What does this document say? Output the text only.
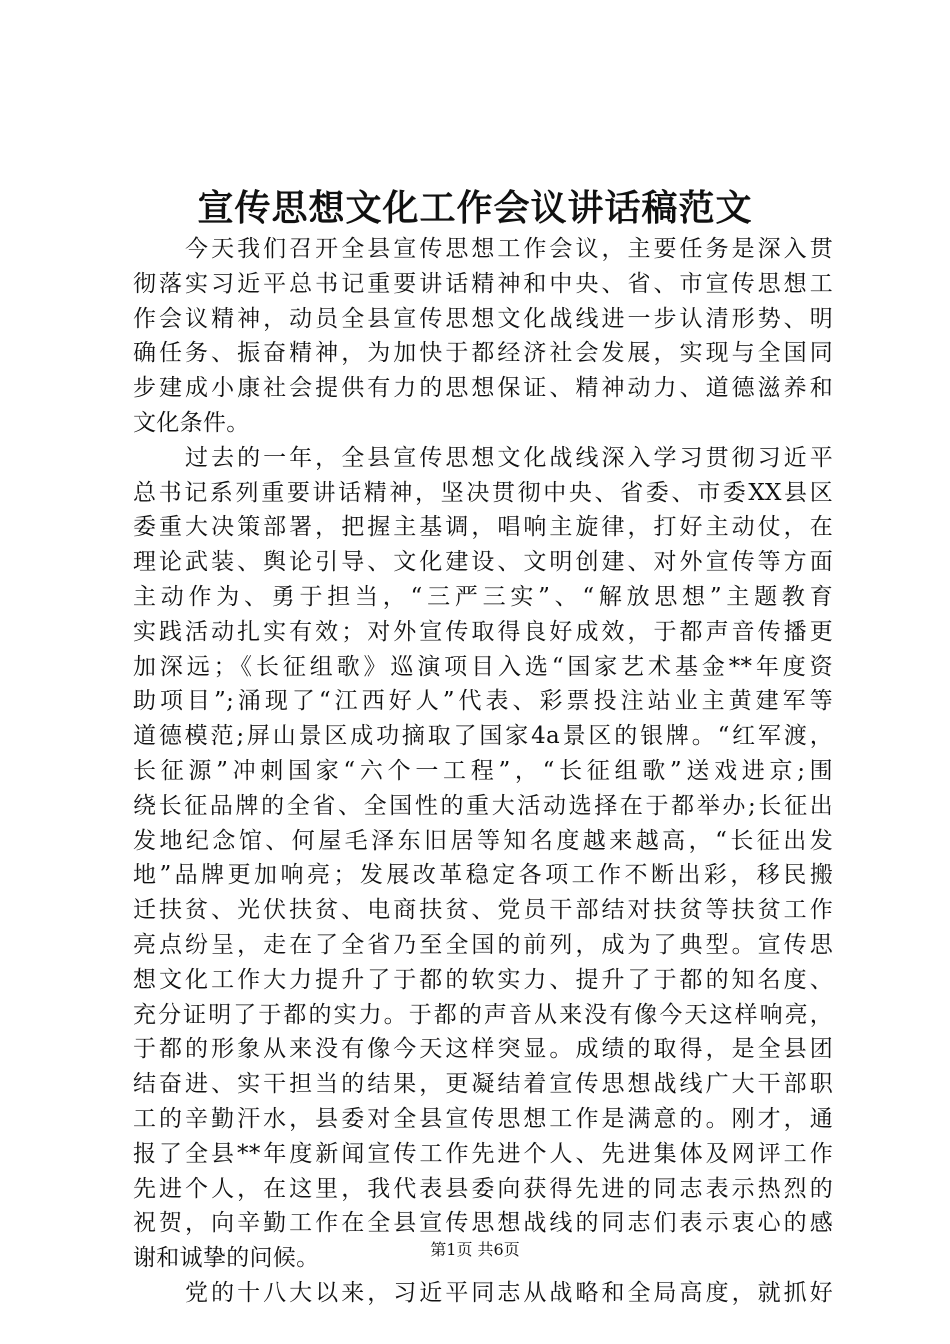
宣传思想文化工作会议讲话稿范文
　　今天我们召开全县宣传思想工作会议，主要任务是深入贯
彻落实习近平总书记重要讲话精神和中央、省、市宣传思想工
作会议精神，动员全县宣传思想文化战线进一步认清形势、明
确任务、振奋精神，为加快于都经济社会发展，实现与全国同
步建成小康社会提供有力的思想保证、精神动力、道德滋养和
文化条件。
　　过去的一年，全县宣传思想文化战线深入学习贯彻习近平
总书记系列重要讲话精神，坚决贯彻中央、省委、市委XX县区
委重大决策部署，把握主基调，唱响主旋律，打好主动仗，在
理论武装、舆论引导、文化建设、文明创建、对外宣传等方面
主动作为、勇于担当，“三严三实”、“解放思想”主题教育
实践活动扎实有效；对外宣传取得良好成效，于都声音传播更
加深远；《长征组歌》巡演项目入选“国家艺术基金**年度资
助项目”;涌现了“江西好人”代表、彩票投注站业主黄建军等
道德模范;屏山景区成功摘取了国家4a景区的银牌。“红军渡，
长征源”冲刺国家“六个一工程”，“长征组歌”送戏进京;围
绕长征品牌的全省、全国性的重大活动选择在于都举办;长征出
发地纪念馆、何屋毛泽东旧居等知名度越来越高，“长征出发
地”品牌更加响亮；发展改革稳定各项工作不断出彩，移民搬
迁扶贫、光伏扶贫、电商扶贫、党员干部结对扶贫等扶贫工作
亮点纷呈，走在了全省乃至全国的前列，成为了典型。宣传思
想文化工作大力提升了于都的软实力、提升了于都的知名度、
充分证明了于都的实力。于都的声音从来没有像今天这样响亮，
于都的形象从来没有像今天这样突显。成绩的取得，是全县团
结奋进、实干担当的结果，更凝结着宣传思想战线广大干部职
工的辛勤汗水，县委对全县宣传思想工作是满意的。刚才，通
报了全县**年度新闻宣传工作先进个人、先进集体及网评工作
先进个人，在这里，我代表县委向获得先进的同志表示热烈的
祝贺，向辛勤工作在全县宣传思想战线的同志们表示衷心的感
谢和诚挚的问候。
　　党的十八大以来，习近平同志从战略和全局高度，就抓好
第1页 共6页
